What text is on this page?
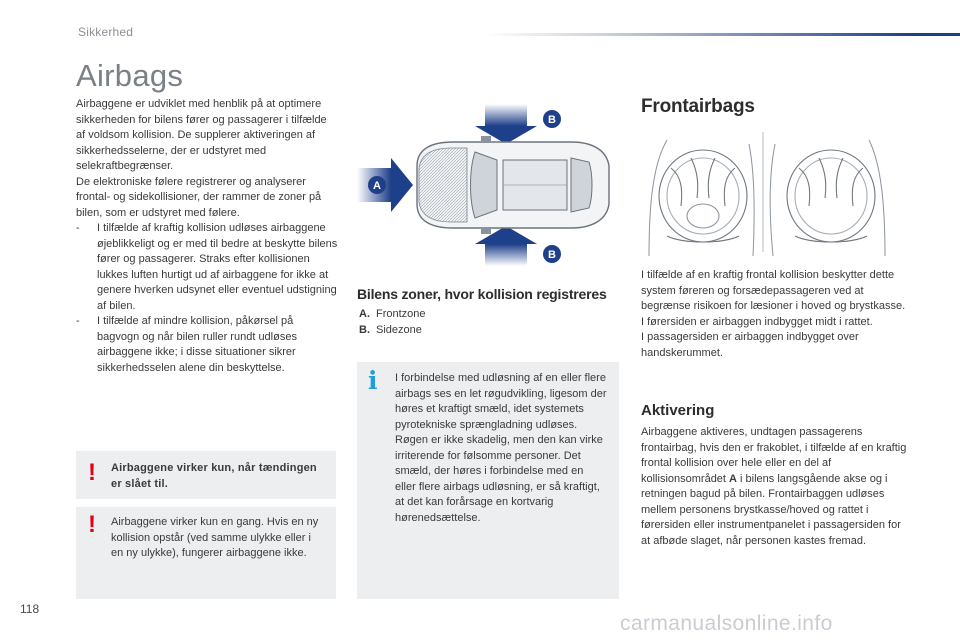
Sikkerhed
Airbags

Airbaggene er udviklet med henblik på at optimere sikkerheden for bilens fører og passagerer i tilfælde af voldsom kollision. De supplerer aktiveringen af sikkerhedsselerne, der er udstyret med selekraftbegrænser.

De elektroniske følere registrerer og analyserer frontal- og sidekollisioner, der rammer de zoner på bilen, som er udstyret med følere.

- I tilfælde af kraftig kollision udløses airbaggene øjeblikkeligt og er med til bedre at beskytte bilens fører og passagerer. Straks efter kollisionen lukkes luften hurtigt ud af airbaggene for ikke at genere hverken udsynet eller eventuel udstigning af bilen.
- I tilfælde af mindre kollision, påkørsel på bagvogn og når bilen ruller rundt udløses airbaggene ikke; i disse situationer sikrer sikkerhedsselen alene din beskyttelse.
! Airbaggene virker kun, når tændingen er slået til.
! Airbaggene virker kun en gang. Hvis en ny kollision opstår (ved samme ulykke eller i en ny ulykke), fungerer airbaggene ikke.
A
B
B
Bilens zoner, hvor kollision registreres
A. Frontzone
B. Sidezone
i I forbindelse med udløsning af en eller flere airbags ses en let røgudvikling, ligesom der høres et kraftigt smæld, idet systemets pyrotekniske sprængladning udløses. Røgen er ikke skadelig, men den kan virke irriterende for følsomme personer. Det smæld, der høres i forbindelse med en eller flere airbags udløsning, er så kraftigt, at det kan forårsage en kortvarig hørenedsættelse.
Frontairbags

I tilfælde af en kraftig frontal kollision beskytter dette system føreren og forsædepassageren ved at begrænse risikoen for læsioner i hoved og brystkasse.

I førersiden er airbaggen indbygget midt i rattet.

I passagersiden er airbaggen indbygget over handskerummet.

Aktivering
Airbaggene aktiveres, undtagen passagerens frontairbag, hvis den er frakoblet, i tilfælde af en kraftig frontal kollision over hele eller en del af kollisionsområdet A i bilens langsgående akse og i retningen bagud på bilen. Frontairbaggen udløses mellem personens brystkasse/hoved og rattet i førersiden eller instrumentpanelet i passagersiden for at afbøde slaget, når personen kastes fremad.
118
carmanualsonline.info
